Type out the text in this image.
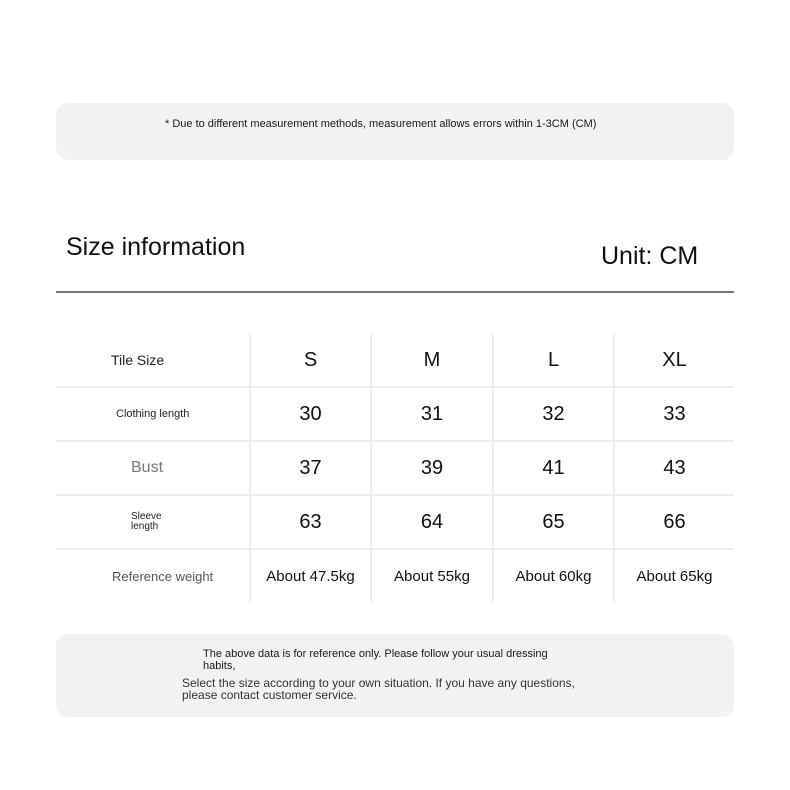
* Due to different measurement methods, measurement allows errors within 1-3CM (CM)
Size information	Unit: CM
Tile Size	S	M	L	XL
Clothing length	30	31	32	33
Bust	37	39	41	43
Sleeve length	63	64	65	66
Reference weight	About 47.5kg	About 55kg	About 60kg	About 65kg
The above data is for reference only. Please follow your usual dressing habits,
Select the size according to your own situation. If you have any questions, please contact customer service.
